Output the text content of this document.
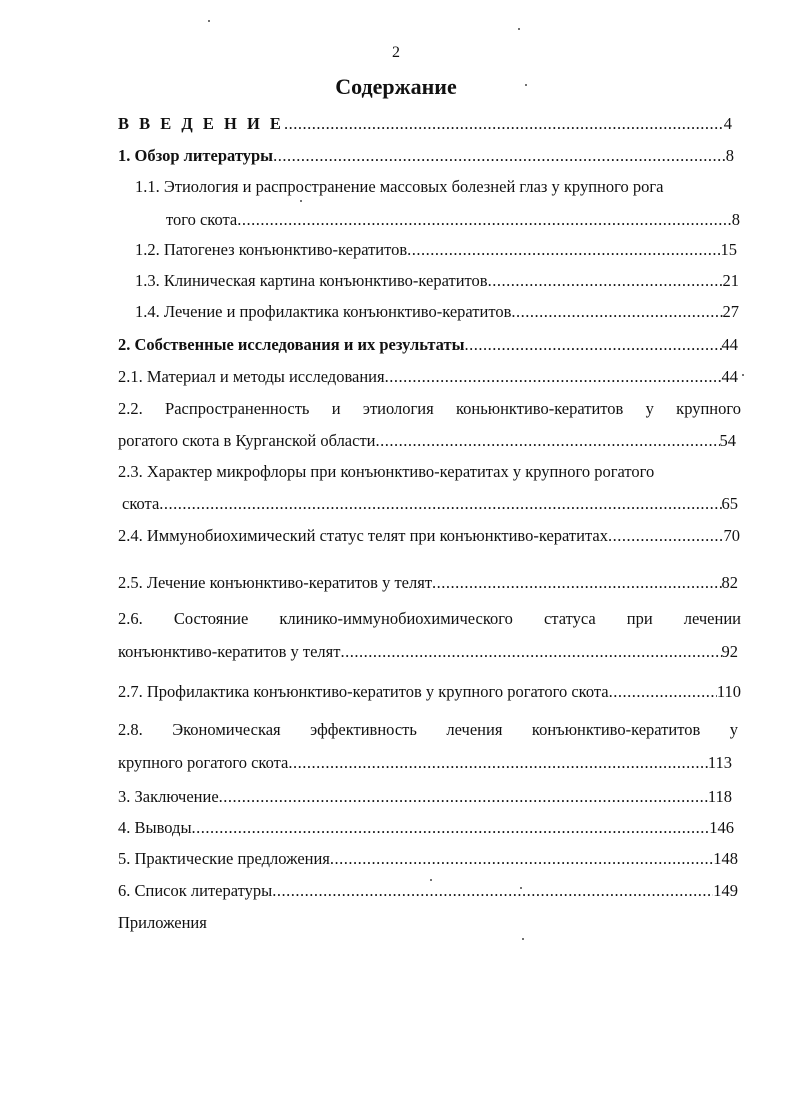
2
Содержание
В В Е Д Е Н И Е .....	4
1. Обзор литературы .....	8
1.1. Этиология и распространение массовых болезней глаз у крупного рога
того скота .....	8
1.2. Патогенез конъюнктиво-кератитов .....	15
1.3. Клиническая картина конъюнктиво-кератитов .....	21
1.4. Лечение и профилактика конъюнктиво-кератитов .....	27
2. Собственные исследования и их результаты .....	44
2.1. Материал и методы исследования .....	44
2.2. Распространенность и этиология коньюнктиво-кератитов у крупного
рогатого скота в Курганской области .....	54
2.3. Характер микрофлоры при конъюнктиво-кератитах у крупного рогатого
скота .....	65
2.4. Иммунобиохимический статус телят при конъюнктиво-кератитах .....	70
2.5. Лечение конъюнктиво-кератитов у телят .....	82
2.6. Состояние клинико-иммунобиохимического статуса при лечении
конъюнктиво-кератитов у телят .....	92
2.7. Профилактика конъюнктиво-кератитов у крупного рогатого скота .....	110
2.8. Экономическая эффективность лечения конъюнктиво-кератитов у
крупного рогатого скота .....	113
3. Заключение .....	118
4. Выводы .....	146
5. Практические предложения .....	148
6. Список литературы .....	149
Приложения
